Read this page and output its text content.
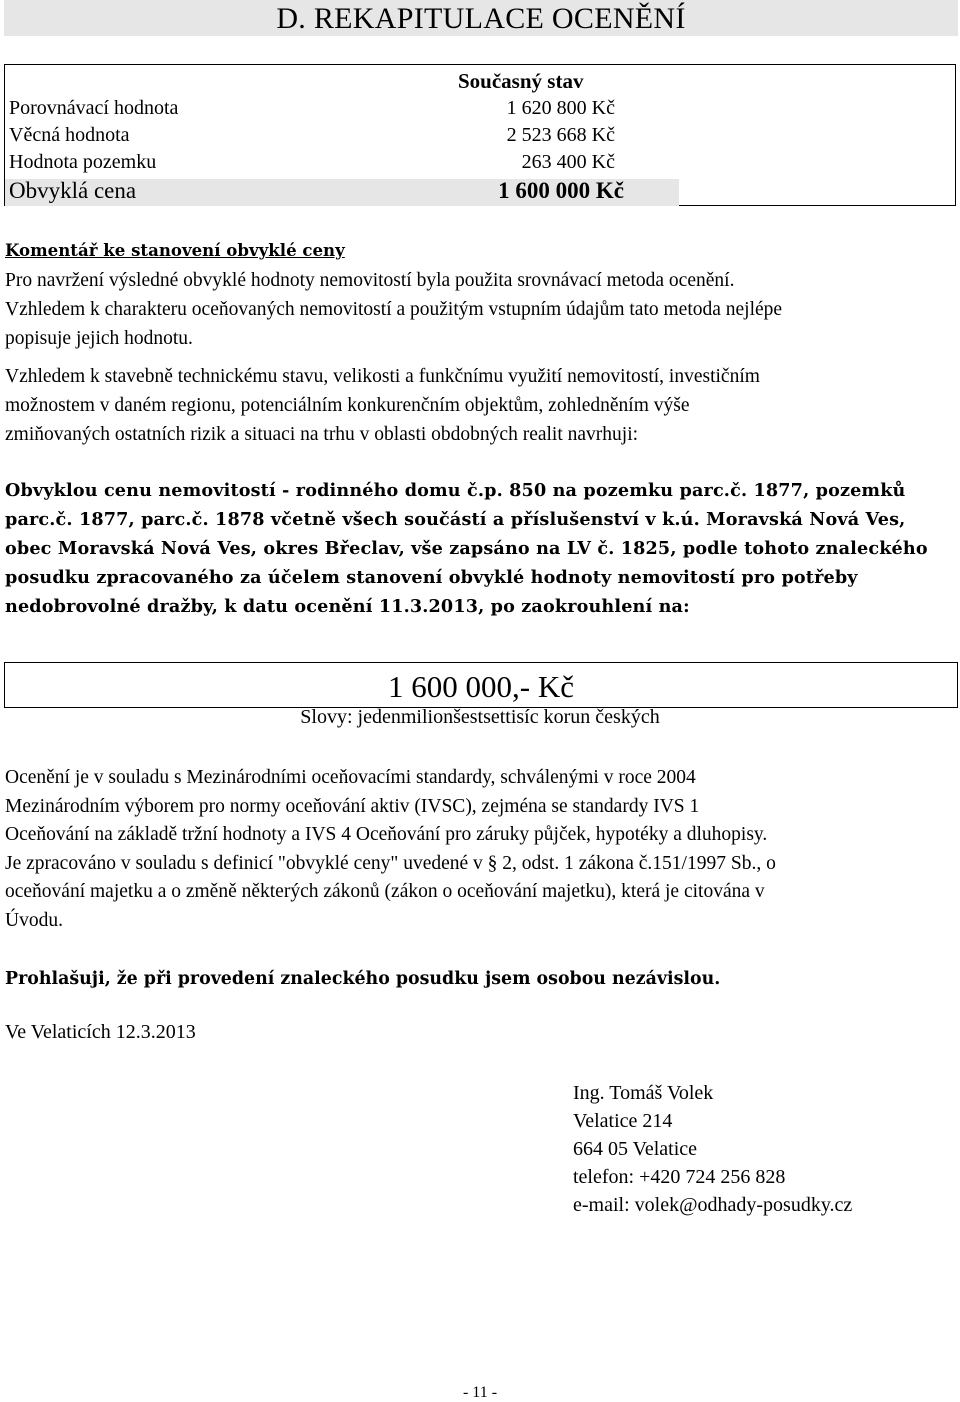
D. REKAPITULACE OCENĚNÍ
Současný stav
Porovnávací hodnota	1 620 800 Kč
Věcná hodnota	2 523 668 Kč
Hodnota pozemku	263 400 Kč
Obvyklá cena	1 600 000 Kč
Komentář ke stanovení obvyklé ceny
Pro navržení výsledné obvyklé hodnoty nemovitostí byla použita srovnávací metoda ocenění.
Vzhledem k charakteru oceňovaných nemovitostí a použitým vstupním údajům tato metoda nejlépe
popisuje jejich hodnotu.
Vzhledem k stavebně technickému stavu, velikosti a funkčnímu využití nemovitostí, investičním
možnostem v daném regionu, potenciálním konkurenčním objektům, zohledněním výše
zmiňovaných ostatních rizik a situaci na trhu v oblasti obdobných realit navrhuji:
Obvyklou cenu nemovitostí - rodinného domu č.p. 850 na pozemku parc.č. 1877, pozemků
parc.č. 1877, parc.č. 1878 včetně všech součástí a příslušenství v k.ú. Moravská Nová Ves,
obec Moravská Nová Ves, okres Břeclav, vše zapsáno na LV č. 1825, podle tohoto znaleckého
posudku zpracovaného za účelem stanovení obvyklé hodnoty nemovitostí pro potřeby
nedobrovolné dražby, k datu ocenění 11.3.2013, po zaokrouhlení na:
1 600 000,- Kč
Slovy: jedenmilionšestsettisíc korun českých
Ocenění je v souladu s Mezinárodními oceňovacími standardy, schválenými v roce 2004
Mezinárodním výborem pro normy oceňování aktiv (IVSC), zejména se standardy IVS 1
Oceňování na základě tržní hodnoty a IVS 4 Oceňování pro záruky půjček, hypotéky a dluhopisy.
Je zpracováno v souladu s definicí "obvyklé ceny" uvedené v § 2, odst. 1 zákona č.151/1997 Sb., o
oceňování majetku a o změně některých zákonů (zákon o oceňování majetku), která je citována v
Úvodu.
Prohlašuji, že při provedení znaleckého posudku jsem osobou nezávislou.
Ve Velaticích 12.3.2013
Ing. Tomáš Volek
Velatice 214
664 05 Velatice
telefon: +420 724 256 828
e-mail: volek@odhady-posudky.cz
- 11 -
